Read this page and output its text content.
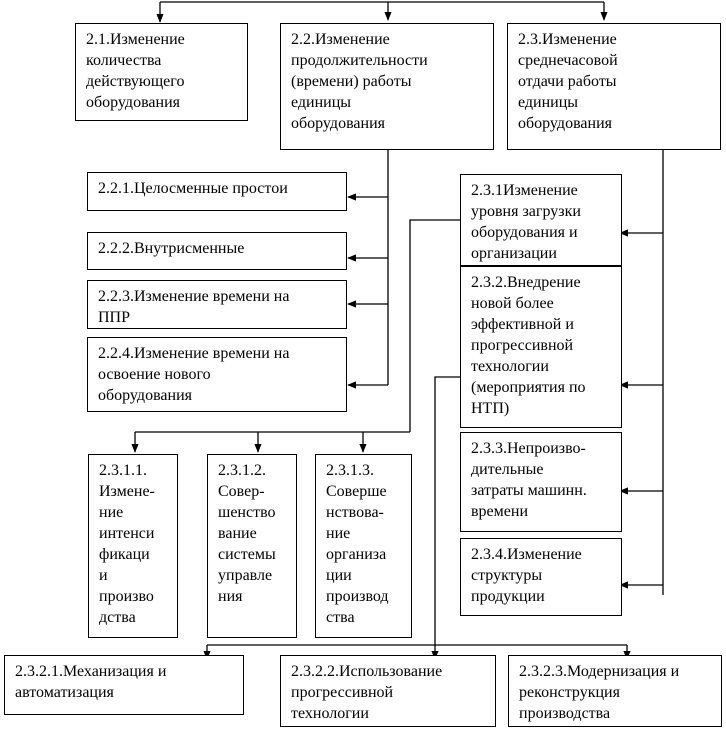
2.1.Изменение
количества
действующего
оборудования
2.2.Изменение
продолжительности
(времени) работы
единицы
оборудования
2.3.Изменение
среднечасовой
отдачи работы
единицы
оборудования
2.2.1.Целосменные простои
2.2.2.Внутрисменные
2.2.3.Изменение времени на
ППР
2.2.4.Изменение времени на
освоение нового
оборудования
2.3.1Изменение
уровня загрузки
оборудования и
организации
2.3.2.Внедрение
новой более
эффективной и
прогрессивной
технологии
(мероприятия по
НТП)
2.3.3.Непроизво-
дительные
затраты машинн.
времени
2.3.4.Изменение
структуры
продукции
2.3.1.1.
Измене-
ние
интенси
фикаци
и
произво
дства
2.3.1.2.
Совер-
шенство
вание
системы
управле
ния
2.3.1.3.
Соверше
нствова-
ние
организа
ции
производ
ства
2.3.2.1.Механизация и
автоматизация
2.3.2.2.Использование
прогрессивной
технологии
2.3.2.3.Модернизация и
реконструкция
производства
